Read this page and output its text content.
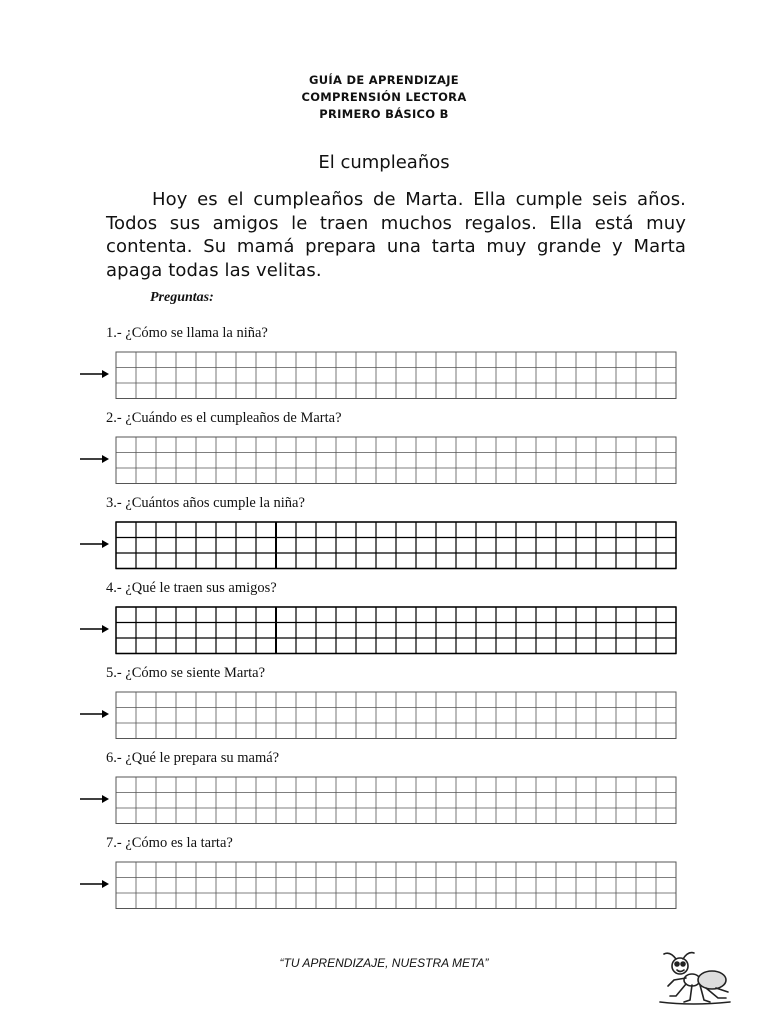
GUÍA DE APRENDIZAJE
COMPRENSIÓN LECTORA
PRIMERO BÁSICO B
El cumpleaños

Hoy es el cumpleaños de Marta. Ella cumple seis años. Todos sus amigos le traen muchos regalos. Ella está muy contenta. Su mamá prepara una tarta muy grande y Marta apaga todas las velitas.

Preguntas:
1.- ¿Cómo se llama la niña?
2.- ¿Cuándo es el cumpleaños de Marta?
3.- ¿Cuántos años cumple la niña?
4.- ¿Qué le traen sus amigos?
5.- ¿Cómo se siente Marta?
6.- ¿Qué le prepara su mamá?
7.- ¿Cómo es la tarta?
“TU APRENDIZAJE, NUESTRA META”
